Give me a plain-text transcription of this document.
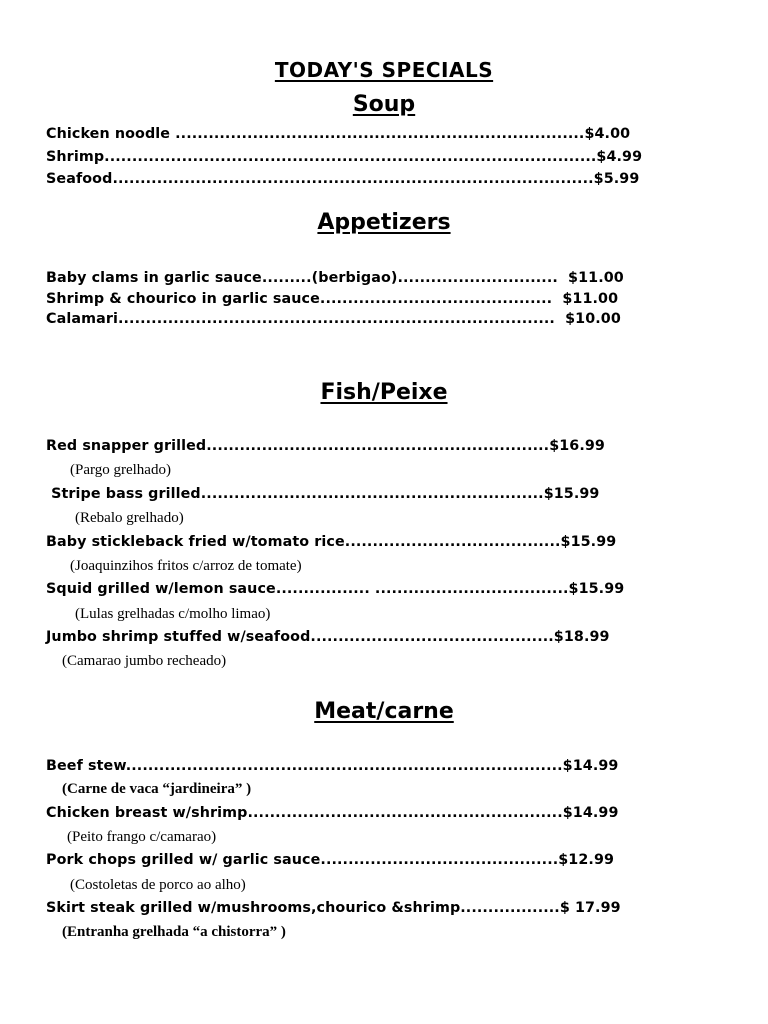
TODAY'S SPECIALS
Soup

Chicken noodle ..........................................................................$4.00

Shrimp.........................................................................................$4.99

Seafood.......................................................................................$5.99

Appetizers

Baby clams in garlic sauce.........(berbigao).............................  $11.00

Shrimp & chourico in garlic sauce..........................................  $11.00

Calamari...............................................................................  $10.00

Fish/Peixe

Red snapper grilled..............................................................$16.99

(Pargo grelhado)

Stripe bass grilled..............................................................$15.99

(Rebalo grelhado)

Baby stickleback fried w/tomato rice.......................................$15.99

(Joaquinzihos fritos c/arroz de tomate)

Squid grilled w/lemon sauce................. ...................................$15.99

(Lulas grelhadas c/molho limao)

Jumbo shrimp stuffed w/seafood............................................$18.99

(Camarao jumbo recheado)

Meat/carne

Beef stew...............................................................................$14.99

(Carne de vaca “jardineira” )

Chicken breast w/shrimp.........................................................$14.99

(Peito frango c/camarao)

Pork chops grilled w/ garlic sauce...........................................$12.99

(Costoletas de porco ao alho)

Skirt steak grilled w/mushrooms,chourico &shrimp..................$ 17.99

(Entranha grelhada “a chistorra” )
